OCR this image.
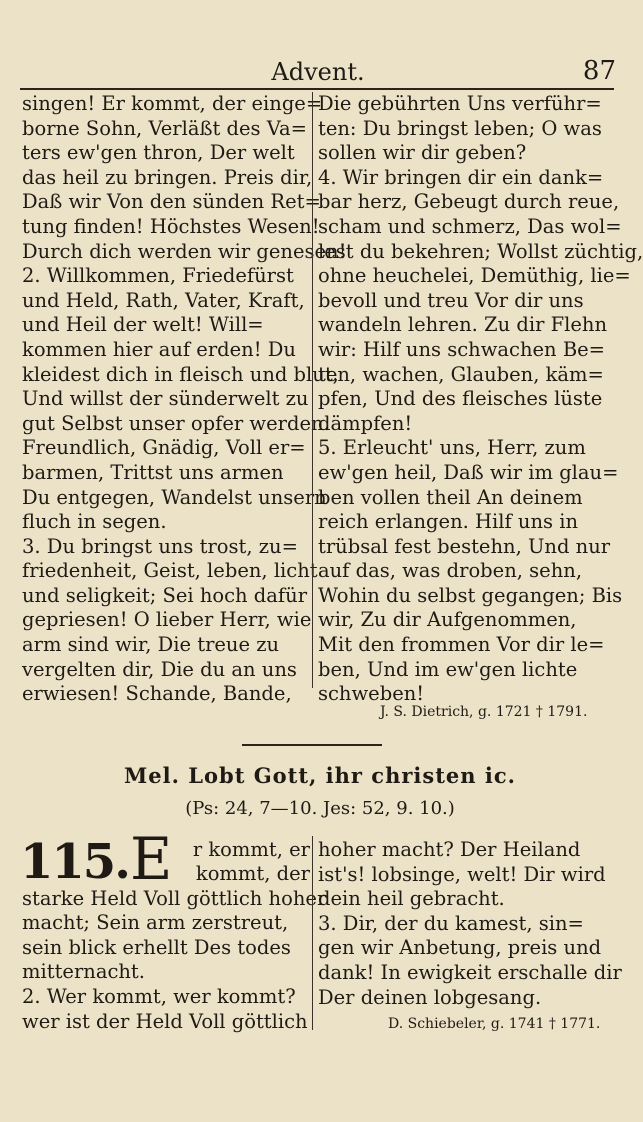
Advent.	87
singen! Er kommt, der einge=
borne Sohn, Verläßt des Va=
ters ew'gen thron, Der welt
das heil zu bringen. Preis dir,
Daß wir Von den sünden Ret=
tung finden! Höchstes Wesen!
Durch dich werden wir genesen!
2. Willkommen, Friedefürst
und Held, Rath, Vater, Kraft,
und Heil der welt! Will=
kommen hier auf erden! Du
kleidest dich in fleisch und blut,
Und willst der sünderwelt zu
gut Selbst unser opfer werden.
Freundlich, Gnädig, Voll er=
barmen, Trittst uns armen
Du entgegen, Wandelst unsern
fluch in segen.
3. Du bringst uns trost, zu=
friedenheit, Geist, leben, licht
und seligkeit; Sei hoch dafür
gepriesen! O lieber Herr, wie
arm sind wir, Die treue zu
vergelten dir, Die du an uns
erwiesen! Schande, Bande,
Die gebührten Uns verführ=
ten: Du bringst leben; O was
sollen wir dir geben?
4. Wir bringen dir ein dank=
bar herz, Gebeugt durch reue,
scham und schmerz, Das wol=
lest du bekehren; Wollst züchtig,
ohne heuchelei, Demüthig, lie=
bevoll und treu Vor dir uns
wandeln lehren. Zu dir Flehn
wir: Hilf uns schwachen Be=
ten, wachen, Glauben, käm=
pfen, Und des fleisches lüste
dämpfen!
5. Erleucht' uns, Herr, zum
ew'gen heil, Daß wir im glau=
ben vollen theil An deinem
reich erlangen. Hilf uns in
trübsal fest bestehn, Und nur
auf das, was droben, sehn,
Wohin du selbst gegangen; Bis
wir, Zu dir Aufgenommen,
Mit den frommen Vor dir le=
ben, Und im ew'gen lichte
schweben!
J. S. Dietrich, g. 1721 † 1791.
Mel. Lobt Gott, ihr christen ic.
(Ps: 24, 7—10. Jes: 52, 9. 10.)
115. E	r kommt, er
kommt, der
starke Held Voll göttlich hoher
macht; Sein arm zerstreut,
sein blick erhellt Des todes
mitternacht.
2. Wer kommt, wer kommt?
wer ist der Held Voll göttlich
hoher macht? Der Heiland
ist's! lobsinge, welt! Dir wird
dein heil gebracht.
3. Dir, der du kamest, sin=
gen wir Anbetung, preis und
dank! In ewigkeit erschalle dir
Der deinen lobgesang.
D. Schiebeler, g. 1741 † 1771.
